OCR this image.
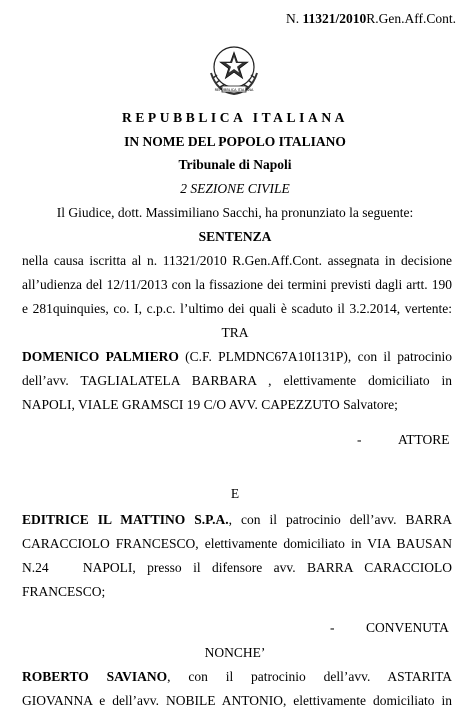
N. 11321/2010R.Gen.Aff.Cont.
REPUBBLICA ITALIANA
REPUBBLICA ITALIANA
IN NOME DEL POPOLO ITALIANO
Tribunale di Napoli
2 SEZIONE CIVILE
Il Giudice, dott. Massimiliano Sacchi, ha pronunziato la seguente:
SENTENZA
nella causa iscritta al n. 11321/2010 R.Gen.Aff.Cont. assegnata in decisione
all’udienza del 12/11/2013 con la fissazione dei termini previsti dagli artt. 190
e 281quinquies, co. I, c.p.c. l’ultimo dei quali è scaduto il 3.2.2014, vertente:
TRA
DOMENICO PALMIERO (C.F. PLMDNC67A10I131P), con il patrocinio
dell’avv. TAGLIALATELA BARBARA , elettivamente domiciliato in
NAPOLI, VIALE GRAMSCI 19 C/O AVV. CAPEZZUTO Salvatore;
-	ATTORE
E
EDITRICE IL MATTINO S.P.A., con il patrocinio dell’avv. BARRA
CARACCIOLO FRANCESCO, elettivamente domiciliato in VIA BAUSAN
N.24   NAPOLI, presso il difensore avv. BARRA CARACCIOLO
FRANCESCO;
- CONVENUTA
NONCHE’
ROBERTO SAVIANO, con il patrocinio dell’avv. ASTARITA
GIOVANNA e dell’avv. NOBILE ANTONIO, elettivamente domiciliato in
